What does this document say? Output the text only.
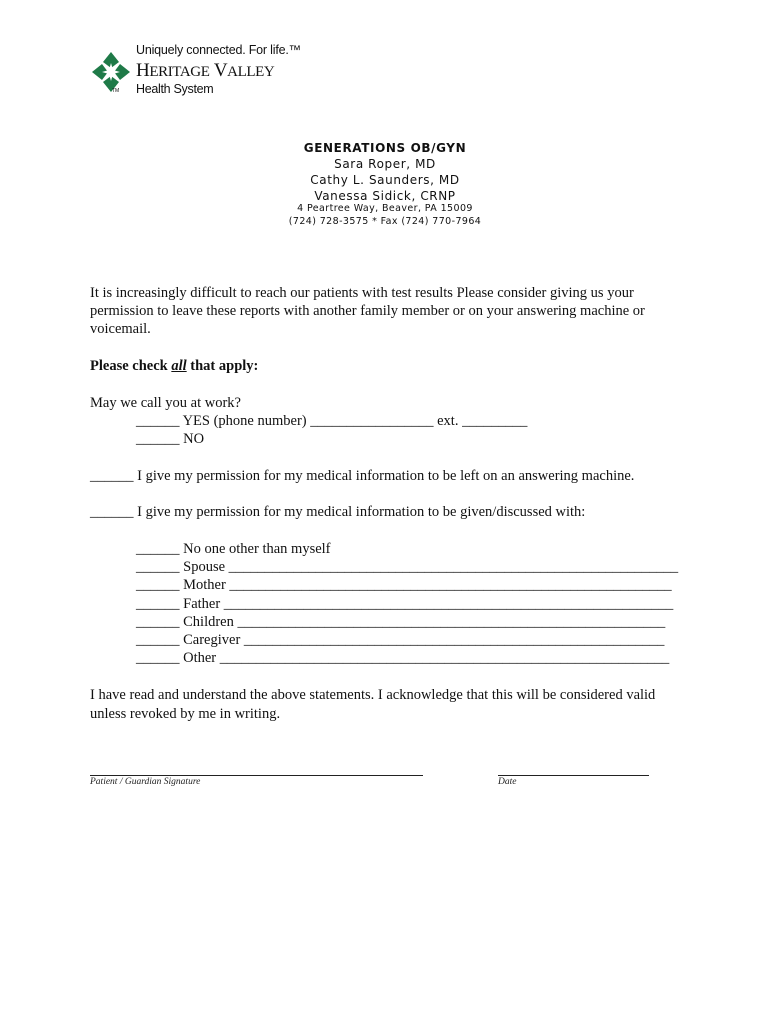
Uniquely connected. For life.™
HERITAGE VALLEY
Health System
TM
GENERATIONS OB/GYN
Sara Roper, MD
Cathy L. Saunders, MD
Vanessa Sidick, CRNP
4 Peartree Way, Beaver, PA 15009
(724) 728-3575 * Fax (724) 770-7964
It is increasingly difficult to reach our patients with test results Please consider giving us your
permission to leave these reports with another family member or on your answering machine or
voicemail.
Please check all that apply:
May we call you at work?
______ YES (phone number) _________________ ext. _________
______ NO
______ I give my permission for my medical information to be left on an answering machine.
______ I give my permission for my medical information to be given/discussed with:
______ No one other than myself
______ Spouse ______________________________________________________________
______ Mother _____________________________________________________________
______ Father ______________________________________________________________
______ Children ___________________________________________________________
______ Caregiver __________________________________________________________
______ Other ______________________________________________________________
I have read and understand the above statements. I acknowledge that this will be considered valid
unless revoked by me in writing.
Patient / Guardian Signature	Date
